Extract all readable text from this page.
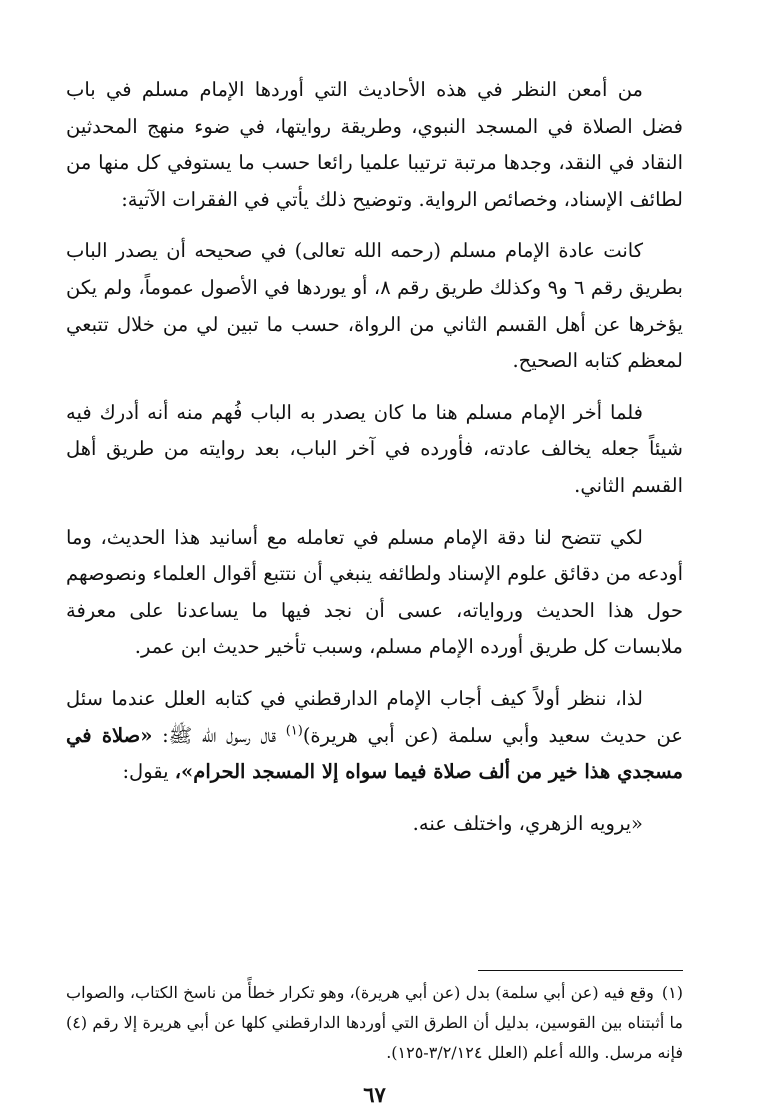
من أمعن النظر في هذه الأحاديث التي أوردها الإمام مسلم في باب فضل الصلاة في المسجد النبوي، وطريقة روايتها، في ضوء منهج المحدثين النقاد في النقد، وجدها مرتبة ترتيبا علميا رائعا حسب ما يستوفي كل منها من لطائف الإسناد، وخصائص الرواية. وتوضيح ذلك يأتي في الفقرات الآتية:

كانت عادة الإمام مسلم (رحمه الله تعالى) في صحيحه أن يصدر الباب بطريق رقم ٦ و٩ وكذلك طريق رقم ٨، أو يوردها في الأصول عموماً، ولم يكن يؤخرها عن أهل القسم الثاني من الرواة، حسب ما تبين لي من خلال تتبعي لمعظم كتابه الصحيح.

فلما أخر الإمام مسلم هنا ما كان يصدر به الباب فُهم منه أنه أدرك فيه شيئاً جعله يخالف عادته، فأورده في آخر الباب، بعد روايته من طريق أهل القسم الثاني.

لكي تتضح لنا دقة الإمام مسلم في تعامله مع أسانيد هذا الحديث، وما أودعه من دقائق علوم الإسناد ولطائفه ينبغي أن نتتبع أقوال العلماء ونصوصهم حول هذا الحديث ورواياته، عسى أن نجد فيها ما يساعدنا على معرفة ملابسات كل طريق أورده الإمام مسلم، وسبب تأخير حديث ابن عمر.

لذا، ننظر أولاً كيف أجاب الإمام الدارقطني في كتابه العلل عندما سئل عن حديث سعيد وأبي سلمة (عن أبي هريرة)$^{(١)}$ قال رسول الله ﷺ: «صلاة في مسجدي هذا خير من ألف صلاة فيما سواه إلا المسجد الحرام»، يقول:

«يرويه الزهري، واختلف عنه.

(١)وقع فيه (عن أبي سلمة) بدل (عن أبي هريرة)، وهو تكرار خطأً من ناسخ الكتاب، والصواب ما أثبتناه بين القوسين، بدليل أن الطرق التي أوردها الدارقطني كلها عن أبي هريرة إلا رقم (٤) فإنه مرسل. والله أعلم (العلل ٣/٢/١٢٤-١٢٥).
٦٧
